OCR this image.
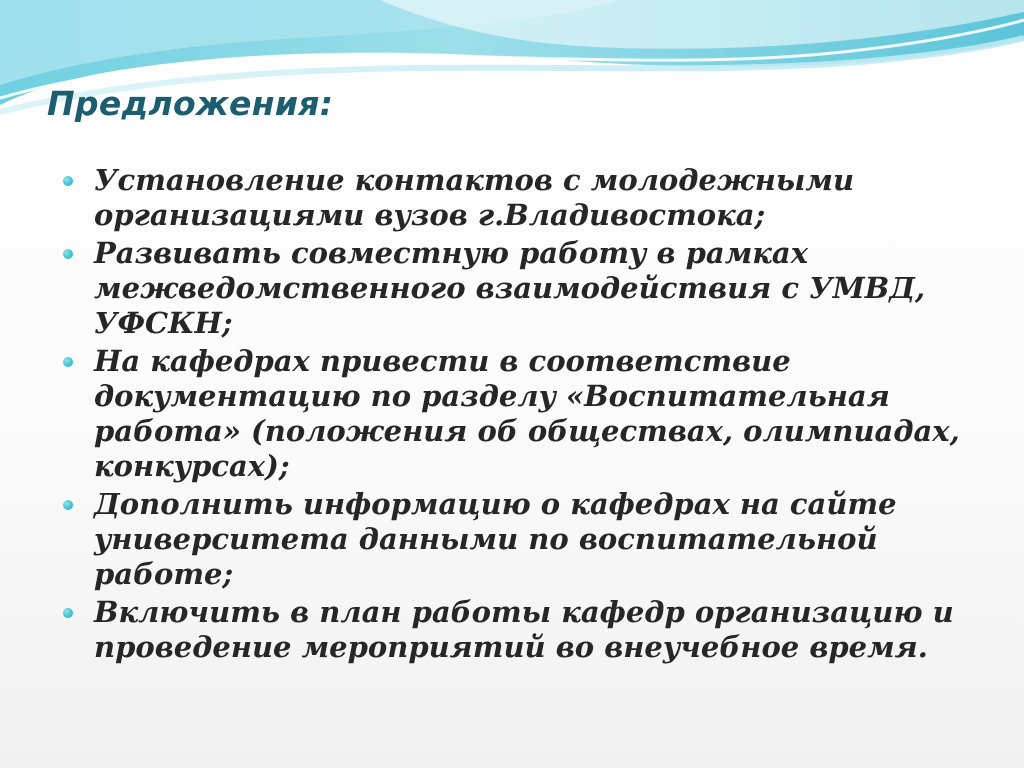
Предложения:
Установление контактов с молодежными организациями вузов г.Владивостока;
Развивать совместную работу в рамках межведомственного взаимодействия с УМВД, УФСКН;
На кафедрах привести в соответствие документацию по разделу «Воспитательная работа» (положения об обществах, олимпиадах, конкурсах);
Дополнить информацию о кафедрах на сайте университета данными по воспитательной работе;
Включить в план работы кафедр организацию и проведение мероприятий во внеучебное время.
